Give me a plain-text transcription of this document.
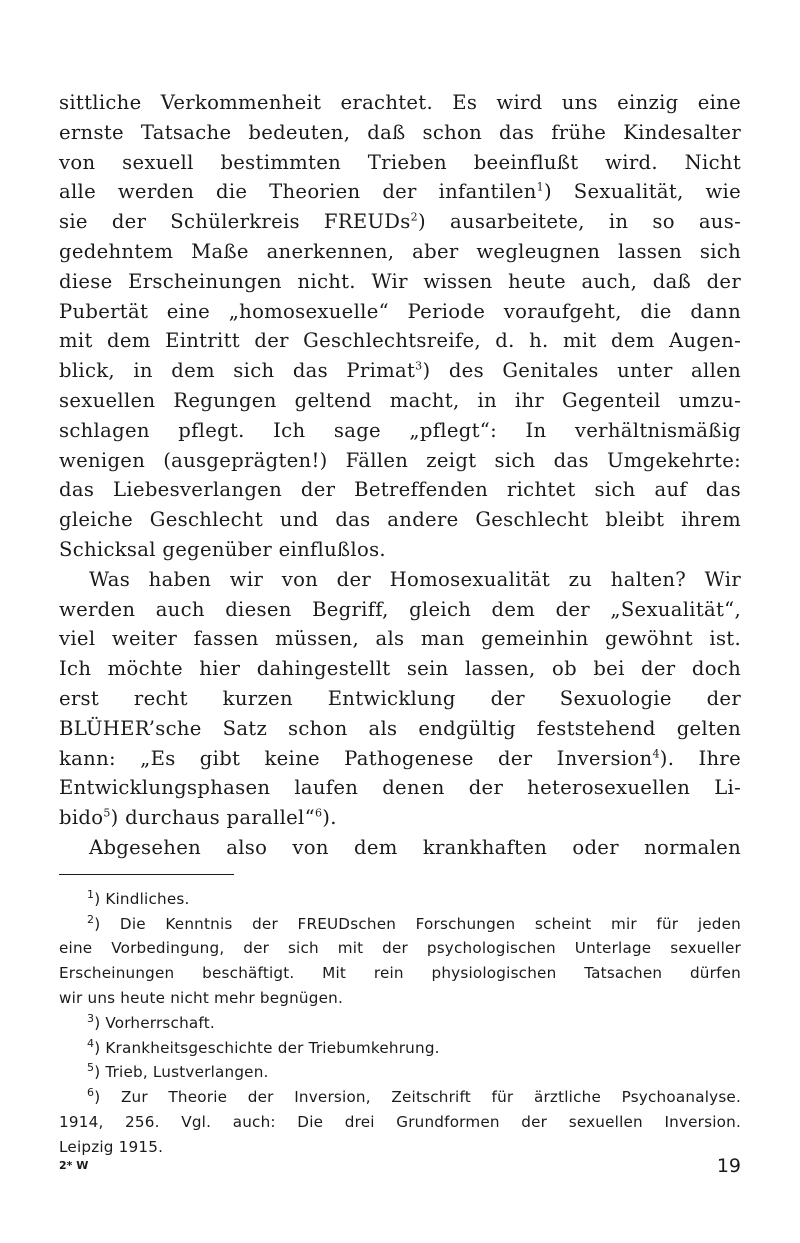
sittliche Verkommenheit erachtet. Es wird uns einzig eine
ernste Tatsache bedeuten, daß schon das frühe Kindesalter
von sexuell bestimmten Trieben beeinflußt wird. Nicht
alle werden die Theorien der infantilen$^1$) Sexualität, wie
sie der Schülerkreis FREUDs$^2$) ausarbeitete, in so aus-
gedehntem Maße anerkennen, aber wegleugnen lassen sich
diese Erscheinungen nicht. Wir wissen heute auch, daß der
Pubertät eine „homosexuelle“ Periode voraufgeht, die dann
mit dem Eintritt der Geschlechtsreife, d. h. mit dem Augen-
blick, in dem sich das Primat$^3$) des Genitales unter allen
sexuellen Regungen geltend macht, in ihr Gegenteil umzu-
schlagen pflegt. Ich sage „pflegt“: In verhältnismäßig
wenigen (ausgeprägten!) Fällen zeigt sich das Umgekehrte:
das Liebesverlangen der Betreffenden richtet sich auf das
gleiche Geschlecht und das andere Geschlecht bleibt ihrem
Schicksal gegenüber einflußlos.
Was haben wir von der Homosexualität zu halten? Wir
werden auch diesen Begriff, gleich dem der „Sexualität“,
viel weiter fassen müssen, als man gemeinhin gewöhnt ist.
Ich möchte hier dahingestellt sein lassen, ob bei der doch
erst recht kurzen Entwicklung der Sexuologie der
BLÜHER’sche Satz schon als endgültig feststehend gelten
kann: „Es gibt keine Pathogenese der Inversion$^4$). Ihre
Entwicklungsphasen laufen denen der heterosexuellen Li-
bido$^5$) durchaus parallel“$^6$).
Abgesehen also von dem krankhaften oder normalen
$^1$) Kindliches.
$^2$) Die Kenntnis der FREUDschen Forschungen scheint mir für jeden
eine Vorbedingung, der sich mit der psychologischen Unterlage sexueller
Erscheinungen beschäftigt. Mit rein physiologischen Tatsachen dürfen
wir uns heute nicht mehr begnügen.
$^3$) Vorherrschaft.
$^4$) Krankheitsgeschichte der Triebumkehrung.
$^5$) Trieb, Lustverlangen.
$^6$) Zur Theorie der Inversion, Zeitschrift für ärztliche Psychoanalyse.
1914, 256. Vgl. auch: Die drei Grundformen der sexuellen Inversion.
Leipzig 1915.
2* W	19
